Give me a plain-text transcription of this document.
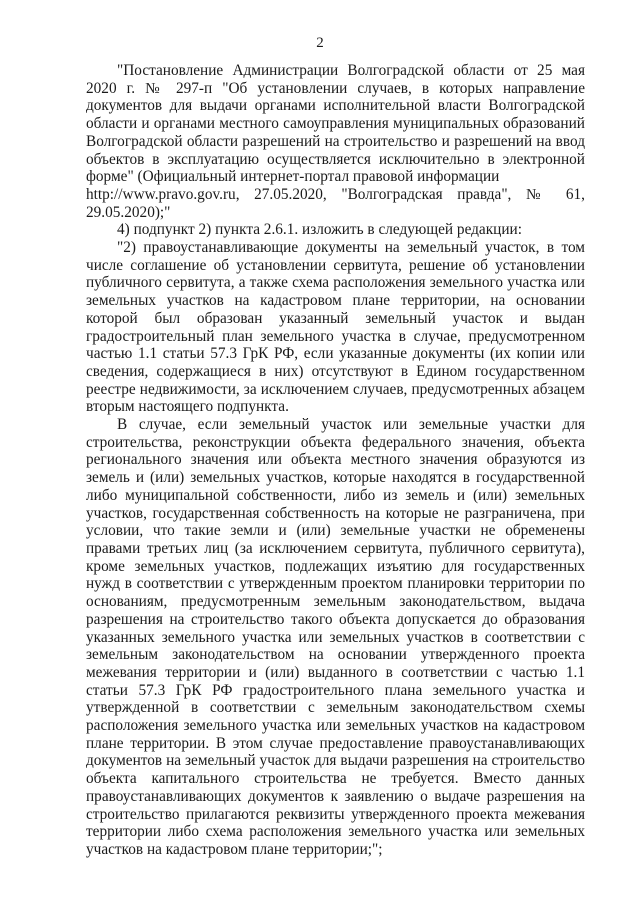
2

"Постановление Администрации Волгоградской области от 25 мая 2020 г. № 297-п "Об установлении случаев, в которых направление документов для выдачи органами исполнительной власти Волгоградской области и органами местного самоуправления муниципальных образований Волгоградской области разрешений на строительство и разрешений на ввод объектов в эксплуатацию осуществляется исключительно в электронной форме" (Официальный интернет-портал правовой информации

http://www.pravo.gov.ru, 27.05.2020, "Волгоградская правда", № 61, 29.05.2020);"

4) подпункт 2) пункта 2.6.1. изложить в следующей редакции:

"2) правоустанавливающие документы на земельный участок, в том числе соглашение об установлении сервитута, решение об установлении публичного сервитута, а также схема расположения земельного участка или земельных участков на кадастровом плане территории, на основании которой был образован указанный земельный участок и выдан градостроительный план земельного участка в случае, предусмотренном частью 1.1 статьи 57.3 ГрК РФ, если указанные документы (их копии или сведения, содержащиеся в них) отсутствуют в Едином государственном реестре недвижимости, за исключением случаев, предусмотренных абзацем вторым настоящего подпункта.

В случае, если земельный участок или земельные участки для строительства, реконструкции объекта федерального значения, объекта регионального значения или объекта местного значения образуются из земель и (или) земельных участков, которые находятся в государственной либо муниципальной собственности, либо из земель и (или) земельных участков, государственная собственность на которые не разграничена, при условии, что такие земли и (или) земельные участки не обременены правами третьих лиц (за исключением сервитута, публичного сервитута), кроме земельных участков, подлежащих изъятию для государственных нужд в соответствии с утвержденным проектом планировки территории по основаниям, предусмотренным земельным законодательством, выдача разрешения на строительство такого объекта допускается до образования указанных земельного участка или земельных участков в соответствии с земельным законодательством на основании утвержденного проекта межевания территории и (или) выданного в соответствии с частью 1.1 статьи 57.3 ГрК РФ градостроительного плана земельного участка и утвержденной в соответствии с земельным законодательством схемы расположения земельного участка или земельных участков на кадастровом плане территории. В этом случае предоставление правоустанавливающих документов на земельный участок для выдачи разрешения на строительство объекта капитального строительства не требуется. Вместо данных правоустанавливающих документов к заявлению о выдаче разрешения на строительство прилагаются реквизиты утвержденного проекта межевания территории либо схема расположения земельного участка или земельных участков на кадастровом плане территории;";
